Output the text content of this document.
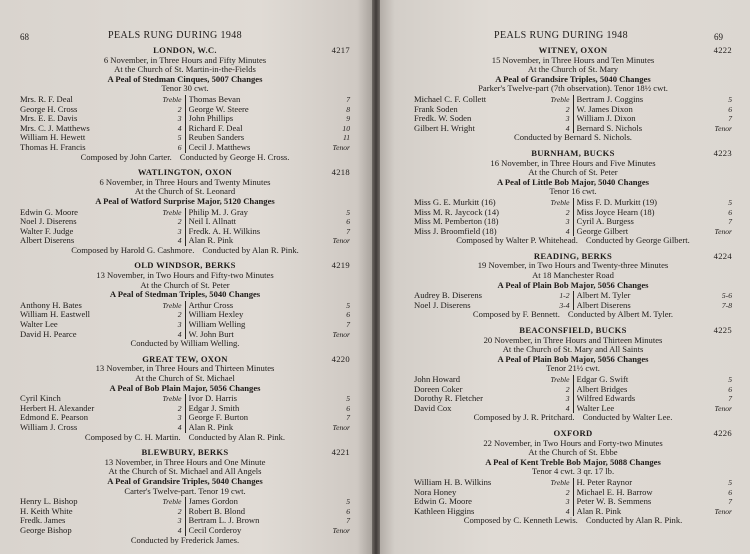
68	PEALS RUNG DURING 1948
LONDON, W.C.	4217
6 November, in Three Hours and Fifty Minutes
At the Church of St. Martin-in-the-Fields
A Peal of Stedman Cinques, 5007 Changes
Tenor 30 cwt.
Mrs. R. F. Deal	Treble
George H. Cross	2
Mrs. E. E. Davis	3
Mrs. C. J. Matthews	4
William H. Hewett	5
Thomas H. Francis	6
Thomas Bevan	7
George W. Steere	8
John Phillips	9
Richard F. Deal	10
Reuben Sanders	11
Cecil J. Matthews	Tenor
Composed by John Carter. Conducted by George H. Cross.
WATLINGTON, OXON	4218
6 November, in Three Hours and Twenty Minutes
At the Church of St. Leonard
A Peal of Watford Surprise Major, 5120 Changes
Edwin G. Moore	Treble
Noel J. Diserens	2
Walter F. Judge	3
Albert Diserens	4
Philip M. J. Gray	5
Neil I. Allnatt	6
Fredk. A. H. Wilkins	7
Alan R. Pink	Tenor
Composed by Harold G. Cashmore. Conducted by Alan R. Pink.
OLD WINDSOR, BERKS	4219
13 November, in Two Hours and Fifty-two Minutes
At the Church of St. Peter
A Peal of Stedman Triples, 5040 Changes
Anthony H. Bates	Treble
William H. Eastwell	2
Walter Lee	3
David H. Pearce	4
Arthur Cross	5
William Hexley	6
William Welling	7
W. John Burt	Tenor
Conducted by William Welling.
GREAT TEW, OXON	4220
13 November, in Three Hours and Thirteen Minutes
At the Church of St. Michael
A Peal of Bob Plain Major, 5056 Changes
Cyril Kinch	Treble
Herbert H. Alexander	2
Edmond E. Pearson	3
William J. Cross	4
Ivor D. Harris	5
Edgar J. Smith	6
George F. Burton	7
Alan R. Pink	Tenor
Composed by C. H. Martin. Conducted by Alan R. Pink.
BLEWBURY, BERKS	4221
13 November, in Three Hours and One Minute
At the Church of St. Michael and All Angels
A Peal of Grandsire Triples, 5040 Changes
Carter's Twelve-part. Tenor 19 cwt.
Henry L. Bishop	Treble
H. Keith White	2
Fredk. James	3
George Bishop	4
James Gordon	5
Robert B. Blond	6
Bertram L. J. Brown	7
Cecil Corderoy	Tenor
Conducted by Frederick James.
PEALS RUNG DURING 1948	69
WITNEY, OXON	4222
15 November, in Three Hours and Ten Minutes
At the Church of St. Mary
A Peal of Grandsire Triples, 5040 Changes
Parker's Twelve-part (7th observation). Tenor 18½ cwt.
Michael C. F. Collett	Treble
Frank Soden	2
Fredk. W. Soden	3
Gilbert H. Wright	4
Bertram J. Coggins	5
W. James Dixon	6
William J. Dixon	7
Bernard S. Nichols	Tenor
Conducted by Bernard S. Nichols.
BURNHAM, BUCKS	4223
16 November, in Three Hours and Five Minutes
At the Church of St. Peter
A Peal of Little Bob Major, 5040 Changes
Tenor 16 cwt.
Miss G. E. Murkitt (16)	Treble
Miss M. R. Jaycock (14)	2
Miss M. Pemberton (18)	3
Miss J. Broomfield (18)	4
Miss F. D. Murkitt (19)	5
Miss Joyce Hearn (18)	6
Cyril A. Burgess	7
George Gilbert	Tenor
Composed by Walter P. Whitehead. Conducted by George Gilbert.
READING, BERKS	4224
19 November, in Two Hours and Twenty-three Minutes
At 18 Manchester Road
A Peal of Plain Bob Major, 5056 Changes
Audrey B. Diserens	1-2
Noel J. Diserens	3-4
Albert M. Tyler	5-6
Albert Diserens	7-8
Composed by F. Bennett. Conducted by Albert M. Tyler.
BEACONSFIELD, BUCKS	4225
20 November, in Three Hours and Thirteen Minutes
At the Church of St. Mary and All Saints
A Peal of Plain Bob Major, 5056 Changes
Tenor 21½ cwt.
John Howard	Treble
Doreen Coker	2
Dorothy R. Fletcher	3
David Cox	4
Edgar G. Swift	5
Albert Bridges	6
Wilfred Edwards	7
Walter Lee	Tenor
Composed by J. R. Pritchard. Conducted by Walter Lee.
OXFORD	4226
22 November, in Two Hours and Forty-two Minutes
At the Church of St. Ebbe
A Peal of Kent Treble Bob Major, 5088 Changes
Tenor 4 cwt. 3 qr. 17 lb.
William H. B. Wilkins	Treble
Nora Honey	2
Edwin G. Moore	3
Kathleen Higgins	4
H. Peter Raynor	5
Michael E. H. Barrow	6
Peter W. B. Semmens	7
Alan R. Pink	Tenor
Composed by C. Kenneth Lewis. Conducted by Alan R. Pink.
